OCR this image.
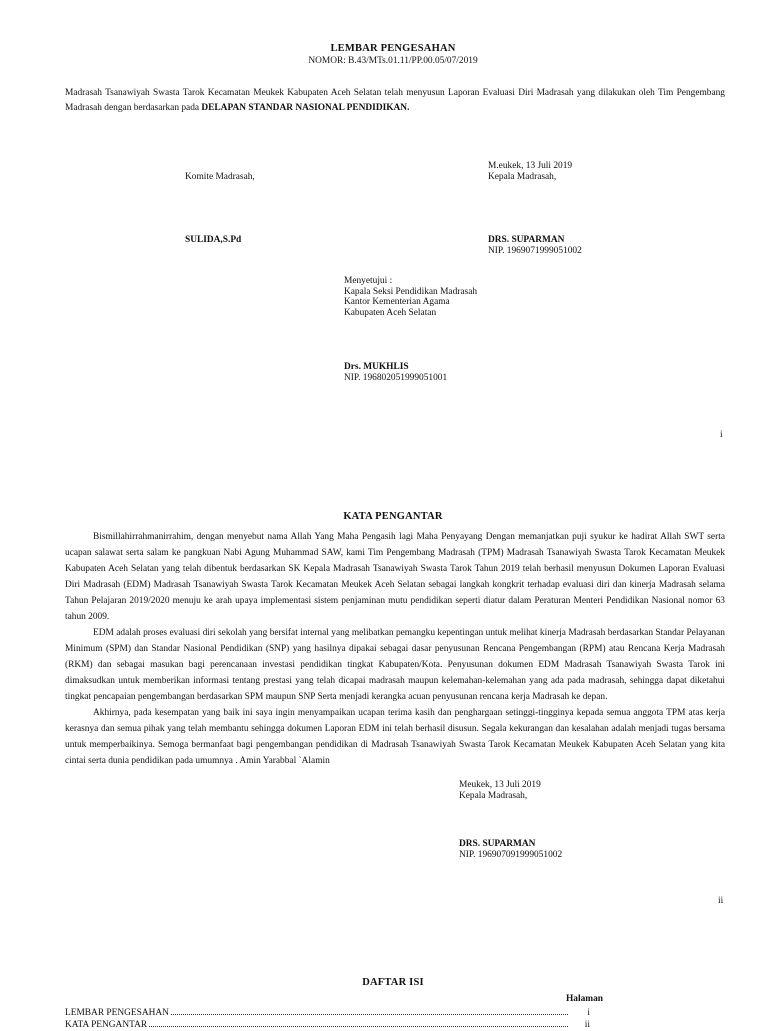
LEMBAR PENGESAHAN
NOMOR: B.43/MTs.01.11/PP.00.05/07/2019

Madrasah Tsanawiyah Swasta Tarok Kecamatan Meukek Kabupaten Aceh Selatan telah menyusun Laporan Evaluasi Diri Madrasah yang dilakukan oleh Tim Pengembang Madrasah dengan berdasarkan pada DELAPAN STANDAR NASIONAL PENDIDIKAN.

M.eukek, 13 Juli 2019
Komite Madrasah,	Kepala Madrasah,
SULIDA,S.Pd	DRS. SUPARMAN
NIP. 1969071999051002
Menyetujui :
Kapala Seksi Pendidikan Madrasah
Kantor Kementerian Agama
Kabupaten Aceh Selatan
Drs. MUKHLIS
NIP. 196802051999051001
i
KATA PENGANTAR
Bismillahirrahmanirrahim, dengan menyebut nama Allah Yang Maha Pengasih lagi Maha Penyayang Dengan memanjatkan puji syukur ke hadirat Allah SWT serta ucapan salawat serta salam ke pangkuan Nabi Agung Muhammad SAW, kami Tim Pengembang Madrasah (TPM) Madrasah Tsanawiyah Swasta Tarok Kecamatan Meukek Kabupaten Aceh Selatan yang telah dibentuk berdasarkan SK Kepala Madrasah Tsanawiyah Swasta Tarok Tahun 2019 telah berhasil menyusun Dokumen Laporan Evaluasi Diri Madrasah (EDM) Madrasah Tsanawiyah Swasta Tarok Kecamatan Meukek Aceh Selatan sebagai langkah kongkrit terhadap evaluasi diri dan kinerja Madrasah selama Tahun Pelajaran 2019/2020 menuju ke arah upaya implementasi sistem penjaminan mutu pendidikan seperti diatur dalam Peraturan Menteri Pendidikan Nasional nomor 63 tahun 2009.
EDM adalah proses evaluasi diri sekolah yang bersifat internal yang melibatkan pemangku kepentingan untuk melihat kinerja Madrasah berdasarkan Standar Pelayanan Minimum (SPM) dan Standar Nasional Pendidikan (SNP) yang hasilnya dipakai sebagai dasar penyusunan Rencana Pengembangan (RPM) atau Rencana Kerja Madrasah (RKM) dan sebagai masukan bagi perencanaan investasi pendidikan tingkat Kabupaten/Kota. Penyusunan dokumen EDM Madrasah Tsanawiyah Swasta Tarok ini dimaksudkan untuk memberikan informasi tentang prestasi yang telah dicapai madrasah maupun kelemahan-kelemahan yang ada pada madrasah, sehingga dapat diketahui tingkat pencapaian pengembangan berdasarkan SPM maupun SNP Serta menjadi kerangka acuan penyusunan rencana kerja Madrasah ke depan.
Akhirnya, pada kesempatan yang baik ini saya ingin menyampaikan ucapan terima kasih dan penghargaan setinggi-tingginya kepada semua anggota TPM atas kerja kerasnya dan semua pihak yang telah membantu sehingga dokumen Laporan EDM ini telah berhasil disusun. Segala kekurangan dan kesalahan adalah menjadi tugas bersama untuk memperbaikinya. Semoga bermanfaat bagi pengembangan pendidikan di Madrasah Tsanawiyah Swasta Tarok Kecamatan Meukek Kabupaten Aceh Selatan yang kita cintai serta dunia pendidikan pada umumnya . Amin Yarabbal `Alamin
Meukek, 13 Juli 2019
Kepala Madrasah,
DRS. SUPARMAN
NIP. 196907091999051002
ii
DAFTAR ISI
Halaman
LEMBAR PENGESAHAN	i
KATA PENGANTAR	ii
